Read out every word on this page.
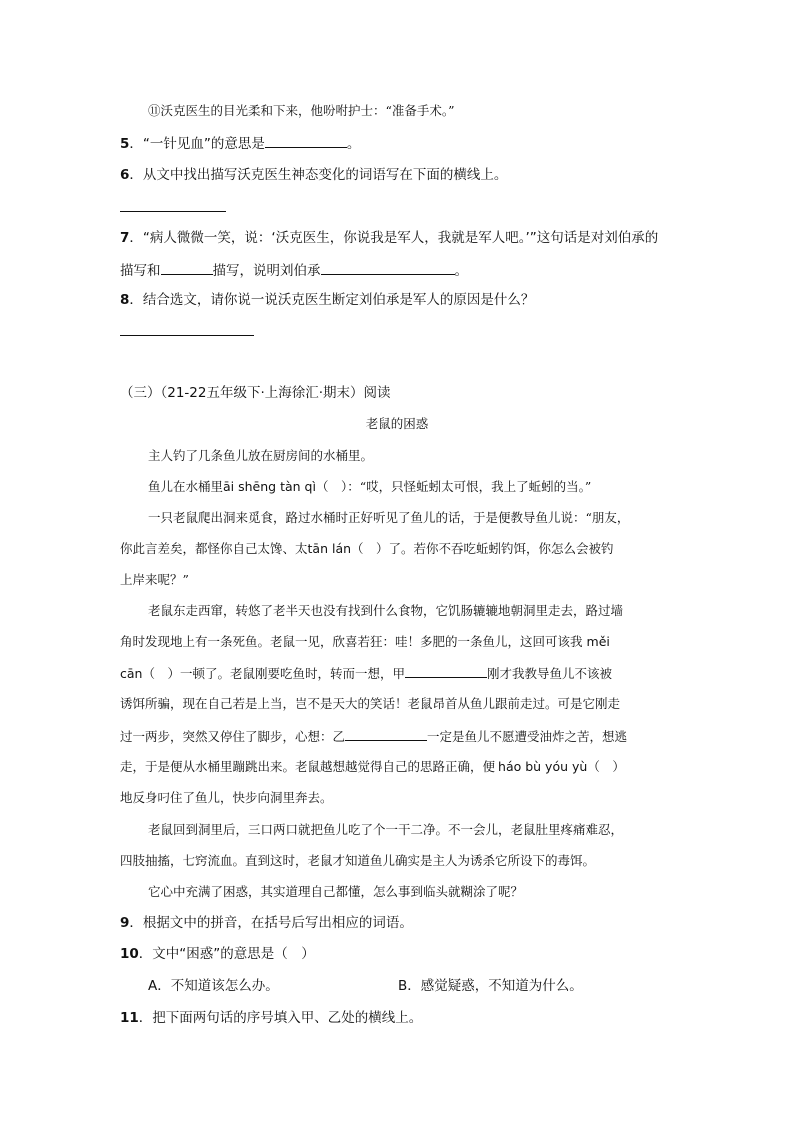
⑪沃克医生的目光柔和下来，他吩咐护士：“准备手术。”
5．“一针见血”的意思是	。
6．从文中找出描写沃克医生神态变化的词语写在下面的横线上。
7．“病人微微一笑，说：‘沃克医生，你说我是军人，我就是军人吧。’”这句话是对刘伯承的
描写和	描写，说明刘伯承	。
8．结合选文，请你说一说沃克医生断定刘伯承是军人的原因是什么？
（三）（21-22五年级下·上海徐汇·期末）阅读
老鼠的困惑
主人钓了几条鱼儿放在厨房间的水桶里。
鱼儿在水桶里āi shēng tàn qì（　）：“哎，只怪蚯蚓太可恨，我上了蚯蚓的当。”
一只老鼠爬出洞来觅食，路过水桶时正好听见了鱼儿的话，于是便教导鱼儿说：“朋友，
你此言差矣，都怪你自己太馋、太tān lán（　）了。若你不吞吃蚯蚓钓饵，你怎么会被钓
上岸来呢？”
老鼠东走西窜，转悠了老半天也没有找到什么食物，它饥肠辘辘地朝洞里走去，路过墙
角时发现地上有一条死鱼。老鼠一见，欣喜若狂：哇！多肥的一条鱼儿，这回可该我 měi
cān（　）一顿了。老鼠刚要吃鱼时，转而一想，甲	刚才我教导鱼儿不该被
诱饵所骗，现在自己若是上当，岂不是天大的笑话！老鼠昂首从鱼儿跟前走过。可是它刚走
过一两步，突然又停住了脚步，心想：乙	一定是鱼儿不愿遭受油炸之苦，想逃
走，于是便从水桶里蹦跳出来。老鼠越想越觉得自己的思路正确，便 háo bù yóu yù（　）
地反身叼住了鱼儿，快步向洞里奔去。
老鼠回到洞里后，三口两口就把鱼儿吃了个一干二净。不一会儿，老鼠肚里疼痛难忍，
四肢抽搐，七窍流血。直到这时，老鼠才知道鱼儿确实是主人为诱杀它所设下的毒饵。
它心中充满了困惑，其实道理自己都懂，怎么事到临头就糊涂了呢？
9．根据文中的拼音，在括号后写出相应的词语。
10．文中“困惑”的意思是（　）
A．不知道该怎么办。	B．感觉疑惑，不知道为什么。
11．把下面两句话的序号填入甲、乙处的横线上。
